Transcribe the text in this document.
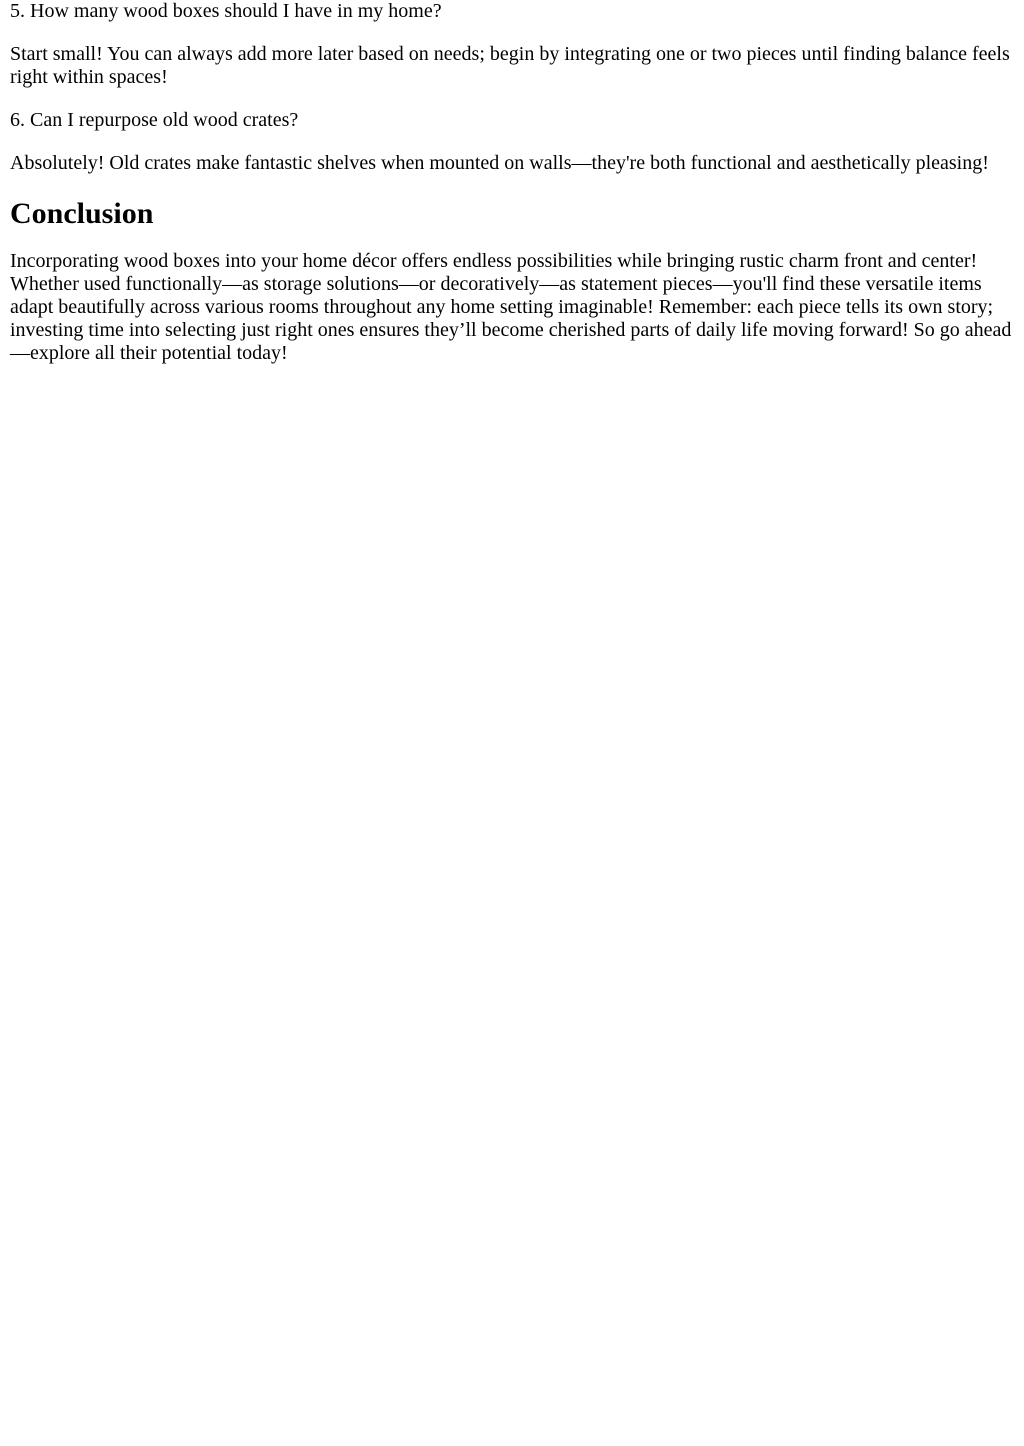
5. How many wood boxes should I have in my home?

Start small! You can always add more later based on needs; begin by integrating one or two pieces until finding balance feels right within spaces!

6. Can I repurpose old wood crates?

Absolutely! Old crates make fantastic shelves when mounted on walls—they're both functional and aesthetically pleasing!

Conclusion

Incorporating wood boxes into your home décor offers endless possibilities while bringing rustic charm front and center! Whether used functionally—as storage solutions—or decoratively—as statement pieces—you'll find these versatile items adapt beautifully across various rooms throughout any home setting imaginable! Remember: each piece tells its own story; investing time into selecting just right ones ensures they’ll become cherished parts of daily life moving forward! So go ahead—explore all their potential today!
